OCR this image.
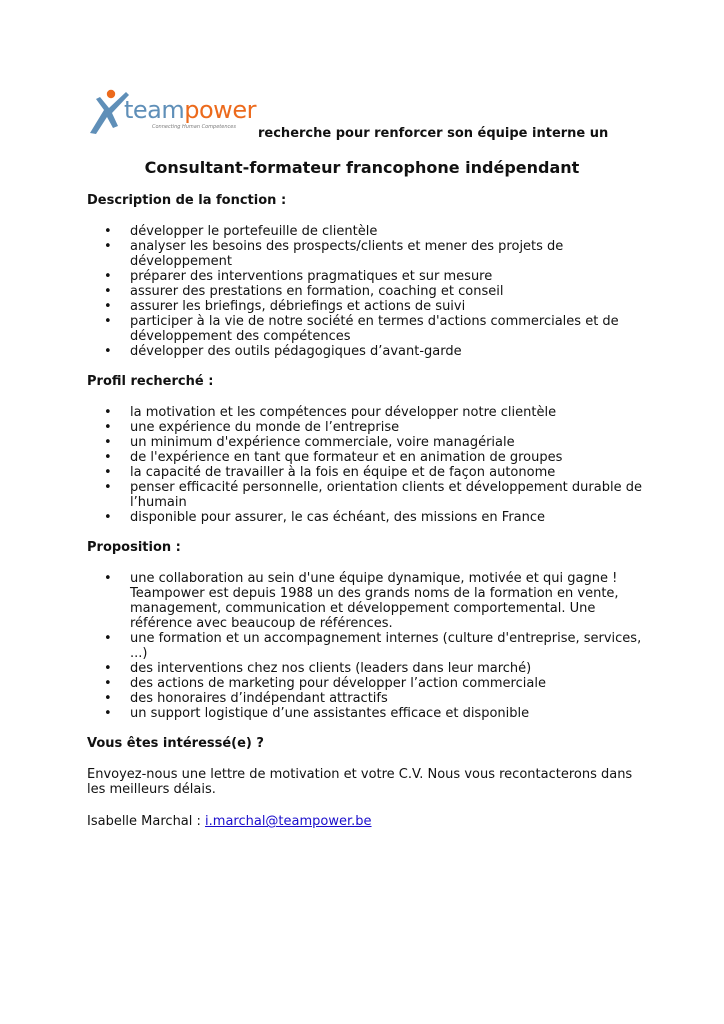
teampower
Connecting Human Competences recherche pour renforcer son équipe interne un
Consultant-formateur francophone indépendant

Description de la fonction :

• développer le portefeuille de clientèle
• analyser les besoins des prospects/clients et mener des projets de développement
• préparer des interventions pragmatiques et sur mesure
• assurer des prestations en formation, coaching et conseil
• assurer les briefings, débriefings et actions de suivi
• participer à la vie de notre société en termes d'actions commerciales et de développement des compétences
• développer des outils pédagogiques d’avant-garde

Profil recherché :

• la motivation et les compétences pour développer notre clientèle
• une expérience du monde de l’entreprise
• un minimum d'expérience commerciale, voire managériale
• de l'expérience en tant que formateur et en animation de groupes
• la capacité de travailler à la fois en équipe et de façon autonome
• penser efficacité personnelle, orientation clients et développement durable de l’humain
• disponible pour assurer, le cas échéant, des missions en France

Proposition :

• une collaboration au sein d'une équipe dynamique, motivée et qui gagne ! Teampower est depuis 1988 un des grands noms de la formation en vente, management, communication et développement comportemental. Une référence avec beaucoup de références.
• une formation et un accompagnement internes (culture d'entreprise, services, ...)
• des interventions chez nos clients (leaders dans leur marché)
• des actions de marketing pour développer l’action commerciale
• des honoraires d’indépendant attractifs
• un support logistique d’une assistantes efficace et disponible

Vous êtes intéressé(e) ?

Envoyez-nous une lettre de motivation et votre C.V. Nous vous recontacterons dans les meilleurs délais.

Isabelle Marchal : i.marchal@teampower.be
